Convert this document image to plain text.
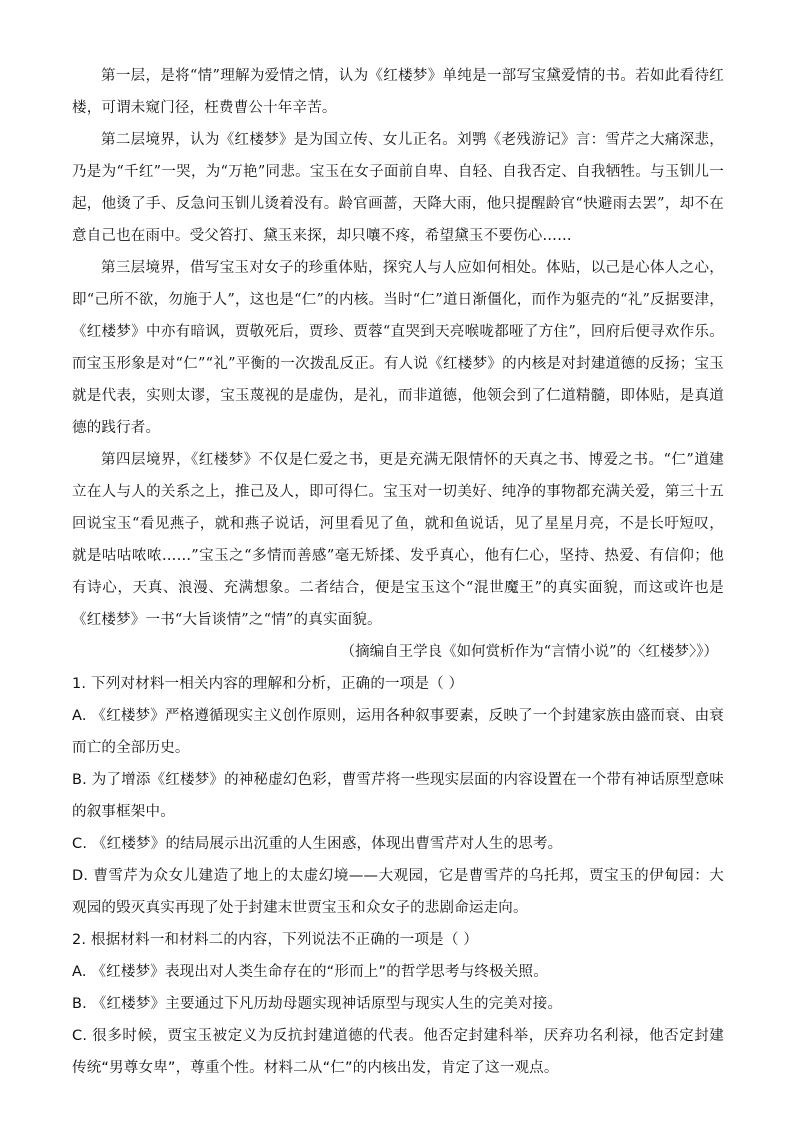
第一层，是将“情”理解为爱情之情，认为《红楼梦》单纯是一部写宝黛爱情的书。若如此看待红楼，可谓未窥门径，枉费曹公十年辛苦。

第二层境界，认为《红楼梦》是为国立传、女儿正名。刘鹗《老残游记》言：雪芹之大痛深悲，乃是为“千红”一哭，为“万艳”同悲。宝玉在女子面前自卑、自轻、自我否定、自我牺牲。与玉钏儿一起，他烫了手、反急问玉钏儿烫着没有。龄官画蔷，天降大雨，他只提醒龄官“快避雨去罢”，却不在意自己也在雨中。受父笞打、黛玉来探，却只嚷不疼，希望黛玉不要伤心……

第三层境界，借写宝玉对女子的珍重体贴，探究人与人应如何相处。体贴，以己是心体人之心，即“己所不欲，勿施于人”，这也是“仁”的内核。当时“仁”道日渐僵化，而作为躯壳的“礼”反据要津，《红楼梦》中亦有暗讽，贾敬死后，贾珍、贾蓉“直哭到天亮喉咙都哑了方住”，回府后便寻欢作乐。而宝玉形象是对“仁”“礼”平衡的一次拨乱反正。有人说《红楼梦》的内核是对封建道德的反扬；宝玉就是代表，实则太谬，宝玉蔑视的是虚伪，是礼，而非道德，他领会到了仁道精髓，即体贴，是真道德的践行者。

第四层境界，《红楼梦》不仅是仁爱之书，更是充满无限情怀的天真之书、博爱之书。“仁”道建立在人与人的关系之上，推己及人，即可得仁。宝玉对一切美好、纯净的事物都充满关爱，第三十五回说宝玉“看见燕子，就和燕子说话，河里看见了鱼，就和鱼说话，见了星星月亮，不是长吁短叹，就是咕咕哝哝……”宝玉之“多情而善感”毫无矫揉、发乎真心，他有仁心，坚持、热爱、有信仰；他有诗心，天真、浪漫、充满想象。二者结合，便是宝玉这个“混世魔王”的真实面貌，而这或许也是《红楼梦》一书“大旨谈情”之“情”的真实面貌。

（摘编自王学良《如何赏析作为“言情小说”的〈红楼梦〉》）

1. 下列对材料一相关内容的理解和分析，正确的一项是（ ）

A. 《红楼梦》严格遵循现实主义创作原则，运用各种叙事要素，反映了一个封建家族由盛而衰、由衰而亡的全部历史。

B. 为了增添《红楼梦》的神秘虚幻色彩，曹雪芹将一些现实层面的内容设置在一个带有神话原型意味的叙事框架中。

C. 《红楼梦》的结局展示出沉重的人生困惑，体现出曹雪芹对人生的思考。

D. 曹雪芹为众女儿建造了地上的太虚幻境——大观园，它是曹雪芹的乌托邦，贾宝玉的伊甸园：大观园的毁灭真实再现了处于封建末世贾宝玉和众女子的悲剧命运走向。

2. 根据材料一和材料二的内容，下列说法不正确的一项是（ ）

A. 《红楼梦》表现出对人类生命存在的“形而上”的哲学思考与终极关照。

B. 《红楼梦》主要通过下凡历劫母题实现神话原型与现实人生的完美对接。

C. 很多时候，贾宝玉被定义为反抗封建道德的代表。他否定封建科举，厌弃功名利禄，他否定封建传统“男尊女卑”，尊重个性。材料二从“仁”的内核出发，肯定了这一观点。
